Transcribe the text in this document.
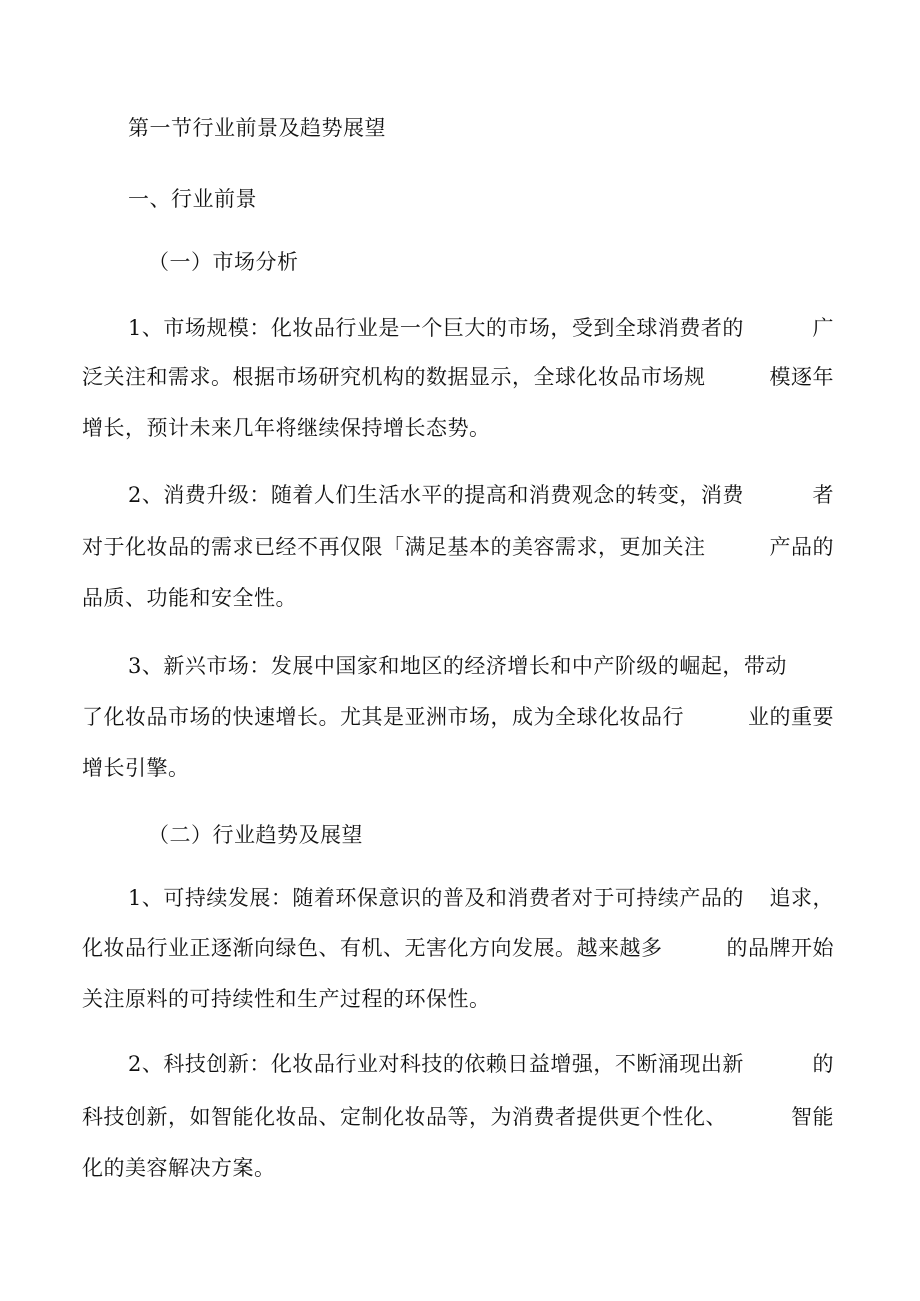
第一节行业前景及趋势展望
一、行业前景
（一）市场分析
1、市场规模：化妆品行业是一个巨大的市场，受到全球消费者的	广
泛关注和需求。根据市场研究机构的数据显示，全球化妆品市场规	模逐年
增长，预计未来几年将继续保持增长态势。
2、消费升级：随着人们生活水平的提高和消费观念的转变，消费	者
对于化妆品的需求已经不再仅限「满足基本的美容需求，更加关注	产品的
品质、功能和安全性。
3、新兴市场：发展中国家和地区的经济增长和中产阶级的崛起，带动
了化妆品市场的快速增长。尤其是亚洲市场，成为全球化妆品行	业的重要
增长引擎。
（二）行业趋势及展望
1、可持续发展：随着环保意识的普及和消费者对于可持续产品的 追求，
化妆品行业正逐渐向绿色、有机、无害化方向发展。越来越多	的品牌开始
关注原料的可持续性和生产过程的环保性。
2、科技创新：化妆品行业对科技的依赖日益增强，不断涌现出新	的
科技创新，如智能化妆品、定制化妆品等，为消费者提供更个性化、	智能
化的美容解决方案。
